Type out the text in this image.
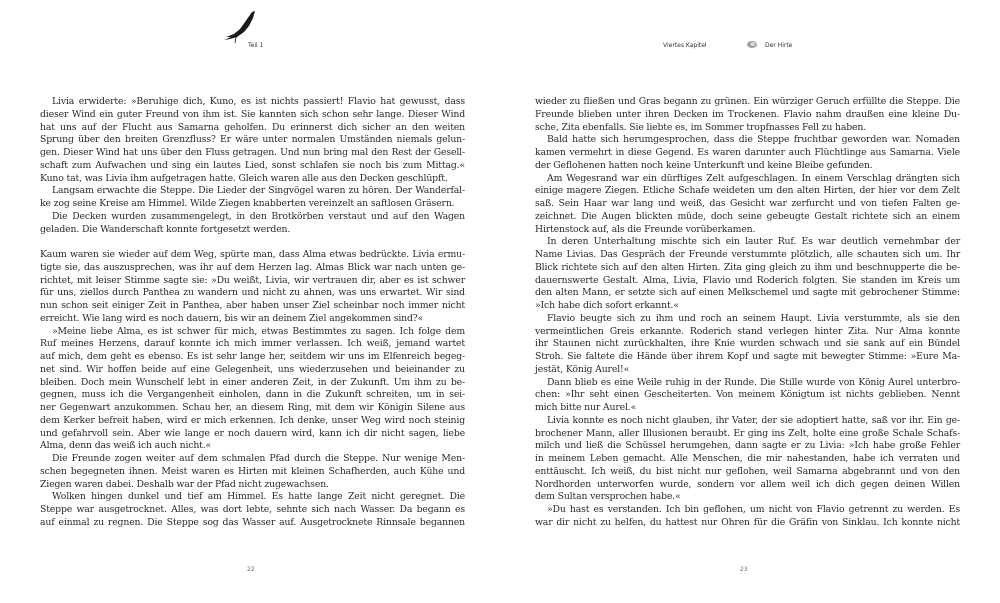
Teil 1
Livia erwiderte: »Beruhige dich, Kuno, es ist nichts passiert! Flavio hat gewusst, dass
dieser Wind ein guter Freund von ihm ist. Sie kannten sich schon sehr lange. Dieser Wind
hat uns auf der Flucht aus Samarna geholfen. Du erinnerst dich sicher an den weiten
Sprung über den breiten Grenzfluss? Er wäre unter normalen Umständen niemals gelun-
gen. Dieser Wind hat uns über den Fluss getragen. Und nun bring mal den Rest der Gesell-
schaft zum Aufwachen und sing ein lautes Lied, sonst schlafen sie noch bis zum Mittag.«
Kuno tat, was Livia ihm aufgetragen hatte. Gleich waren alle aus den Decken geschlüpft.
Langsam erwachte die Steppe. Die Lieder der Singvögel waren zu hören. Der Wanderfal-
ke zog seine Kreise am Himmel. Wilde Ziegen knabberten vereinzelt an saftlosen Gräsern.
Die Decken wurden zusammengelegt, in den Brotkörben verstaut und auf den Wagen
geladen. Die Wanderschaft konnte fortgesetzt werden.
Kaum waren sie wieder auf dem Weg, spürte man, dass Alma etwas bedrückte. Livia ermu-
tigte sie, das auszusprechen, was ihr auf dem Herzen lag. Almas Blick war nach unten ge-
richtet, mit leiser Stimme sagte sie: »Du weißt, Livia, wir vertrauen dir, aber es ist schwer
für uns, ziellos durch Panthea zu wandern und nicht zu ahnen, was uns erwartet. Wir sind
nun schon seit einiger Zeit in Panthea, aber haben unser Ziel scheinbar noch immer nicht
erreicht. Wie lang wird es noch dauern, bis wir an deinem Ziel angekommen sind?«
»Meine liebe Alma, es ist schwer für mich, etwas Bestimmtes zu sagen. Ich folge dem
Ruf meines Herzens, darauf konnte ich mich immer verlassen. Ich weiß, jemand wartet
auf mich, dem geht es ebenso. Es ist sehr lange her, seitdem wir uns im Elfenreich begeg-
net sind. Wir hoffen beide auf eine Gelegenheit, uns wiederzusehen und beieinander zu
bleiben. Doch mein Wunschelf lebt in einer anderen Zeit, in der Zukunft. Um ihm zu be-
gegnen, muss ich die Vergangenheit einholen, dann in die Zukunft schreiten, um in sei-
ner Gegenwart anzukommen. Schau her, an diesem Ring, mit dem wir Königin Silene aus
dem Kerker befreit haben, wird er mich erkennen. Ich denke, unser Weg wird noch steinig
und gefahrvoll sein. Aber wie lange er noch dauern wird, kann ich dir nicht sagen, liebe
Alma, denn das weiß ich auch nicht.«
Die Freunde zogen weiter auf dem schmalen Pfad durch die Steppe. Nur wenige Men-
schen begegneten ihnen. Meist waren es Hirten mit kleinen Schafherden, auch Kühe und
Ziegen waren dabei. Deshalb war der Pfad nicht zugewachsen.
Wolken hingen dunkel und tief am Himmel. Es hatte lange Zeit nicht geregnet. Die
Steppe war ausgetrocknet. Alles, was dort lebte, sehnte sich nach Wasser. Da begann es
auf einmal zu regnen. Die Steppe sog das Wasser auf. Ausgetrocknete Rinnsale begannen
22
Viertes Kapitel	Der Hirte
wieder zu fließen und Gras begann zu grünen. Ein würziger Geruch erfüllte die Steppe. Die
Freunde blieben unter ihren Decken im Trockenen. Flavio nahm draußen eine kleine Du-
sche, Zita ebenfalls. Sie liebte es, im Sommer tropfnasses Fell zu haben.
Bald hatte sich herumgesprochen, dass die Steppe fruchtbar geworden war. Nomaden
kamen vermehrt in diese Gegend. Es waren darunter auch Flüchtlinge aus Samarna. Viele
der Geflohenen hatten noch keine Unterkunft und keine Bleibe gefunden.
Am Wegesrand war ein dürftiges Zelt aufgeschlagen. In einem Verschlag drängten sich
einige magere Ziegen. Etliche Schafe weideten um den alten Hirten, der hier vor dem Zelt
saß. Sein Haar war lang und weiß, das Gesicht war zerfurcht und von tiefen Falten ge-
zeichnet. Die Augen blickten müde, doch seine gebeugte Gestalt richtete sich an einem
Hirtenstock auf, als die Freunde vorüberkamen.
In deren Unterhaltung mischte sich ein lauter Ruf. Es war deutlich vernehmbar der
Name Livias. Das Gespräch der Freunde verstummte plötzlich, alle schauten sich um. Ihr
Blick richtete sich auf den alten Hirten. Zita ging gleich zu ihm und beschnupperte die be-
dauernswerte Gestalt. Alma, Livia, Flavio und Roderich folgten. Sie standen im Kreis um
den alten Mann, er setzte sich auf einen Melkschemel und sagte mit gebrochener Stimme:
»Ich habe dich sofort erkannt.«
Flavio beugte sich zu ihm und roch an seinem Haupt. Livia verstummte, als sie den
vermeintlichen Greis erkannte. Roderich stand verlegen hinter Zita. Nur Alma konnte
ihr Staunen nicht zurückhalten, ihre Knie wurden schwach und sie sank auf ein Bündel
Stroh. Sie faltete die Hände über ihrem Kopf und sagte mit bewegter Stimme: »Eure Ma-
jestät, König Aurel!«
Dann blieb es eine Weile ruhig in der Runde. Die Stille wurde von König Aurel unterbro-
chen: »Ihr seht einen Gescheiterten. Von meinem Königtum ist nichts geblieben. Nennt
mich bitte nur Aurel.«
Livia konnte es noch nicht glauben, ihr Vater, der sie adoptiert hatte, saß vor ihr. Ein ge-
brochener Mann, aller Illusionen beraubt. Er ging ins Zelt, holte eine große Schale Schafs-
milch und ließ die Schüssel herumgehen, dann sagte er zu Livia: »Ich habe große Fehler
in meinem Leben gemacht. Alle Menschen, die mir nahestanden, habe ich verraten und
enttäuscht. Ich weiß, du bist nicht nur geflohen, weil Samarna abgebrannt und von den
Nordhorden unterworfen wurde, sondern vor allem weil ich dich gegen deinen Willen
dem Sultan versprochen habe.«
»Du hast es verstanden. Ich bin geflohen, um nicht von Flavio getrennt zu werden. Es
war dir nicht zu helfen, du hattest nur Ohren für die Gräfin von Sinklau. Ich konnte nicht
23
